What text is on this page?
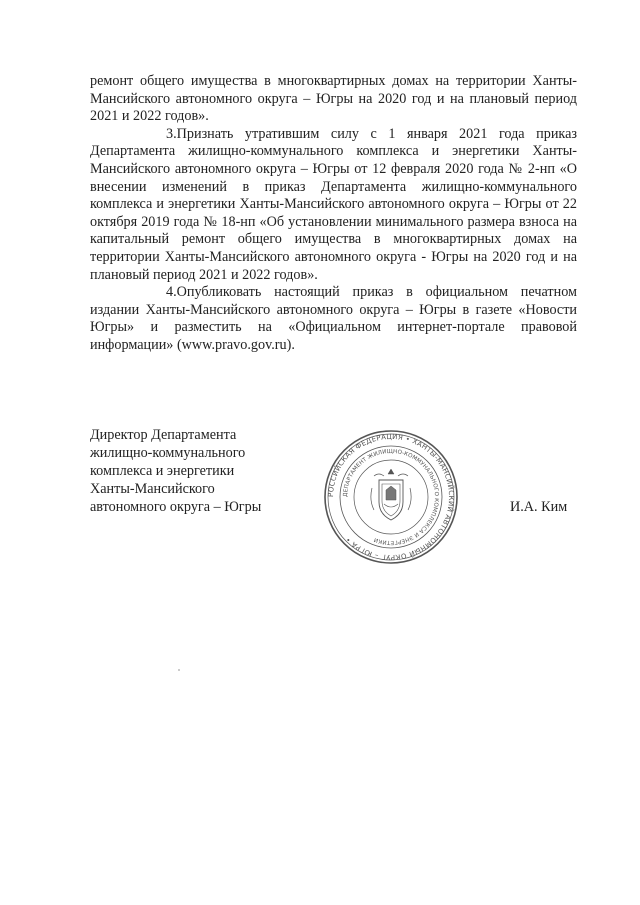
ремонт общего имущества в многоквартирных домах на территории Ханты-Мансийского автономного округа – Югры на 2020 год и на плановый период 2021 и 2022 годов».

3.Признать утратившим силу с 1 января 2021 года приказ Департамента жилищно-коммунального комплекса и энергетики Ханты-Мансийского автономного округа – Югры от 12 февраля 2020 года № 2-нп «О внесении изменений в приказ Департамента жилищно-коммунального комплекса и энергетики Ханты-Мансийского автономного округа – Югры от 22 октября 2019 года № 18-нп «Об установлении минимального размера взноса на капитальный ремонт общего имущества в многоквартирных домах на территории Ханты-Мансийского автономного округа - Югры на 2020 год и на плановый период 2021 и 2022 годов».

4.Опубликовать настоящий приказ в официальном печатном издании Ханты-Мансийского автономного округа – Югры в газете «Новости Югры» и разместить на «Официальном интернет-портале правовой информации» (www.pravo.gov.ru).

Директор Департамента
жилищно-коммунального
комплекса и энергетики
Ханты-Мансийского
автономного округа – Югры
РОССИЙСКАЯ ФЕДЕРАЦИЯ • ХАНТЫ-МАНСИЙСКИЙ АВТОНОМНЫЙ ОКРУГ – ЮГРА •
ДЕПАРТАМЕНТ ЖИЛИЩНО-КОММУНАЛЬНОГО КОМПЛЕКСА И ЭНЕРГЕТИКИ
И.А. Ким
